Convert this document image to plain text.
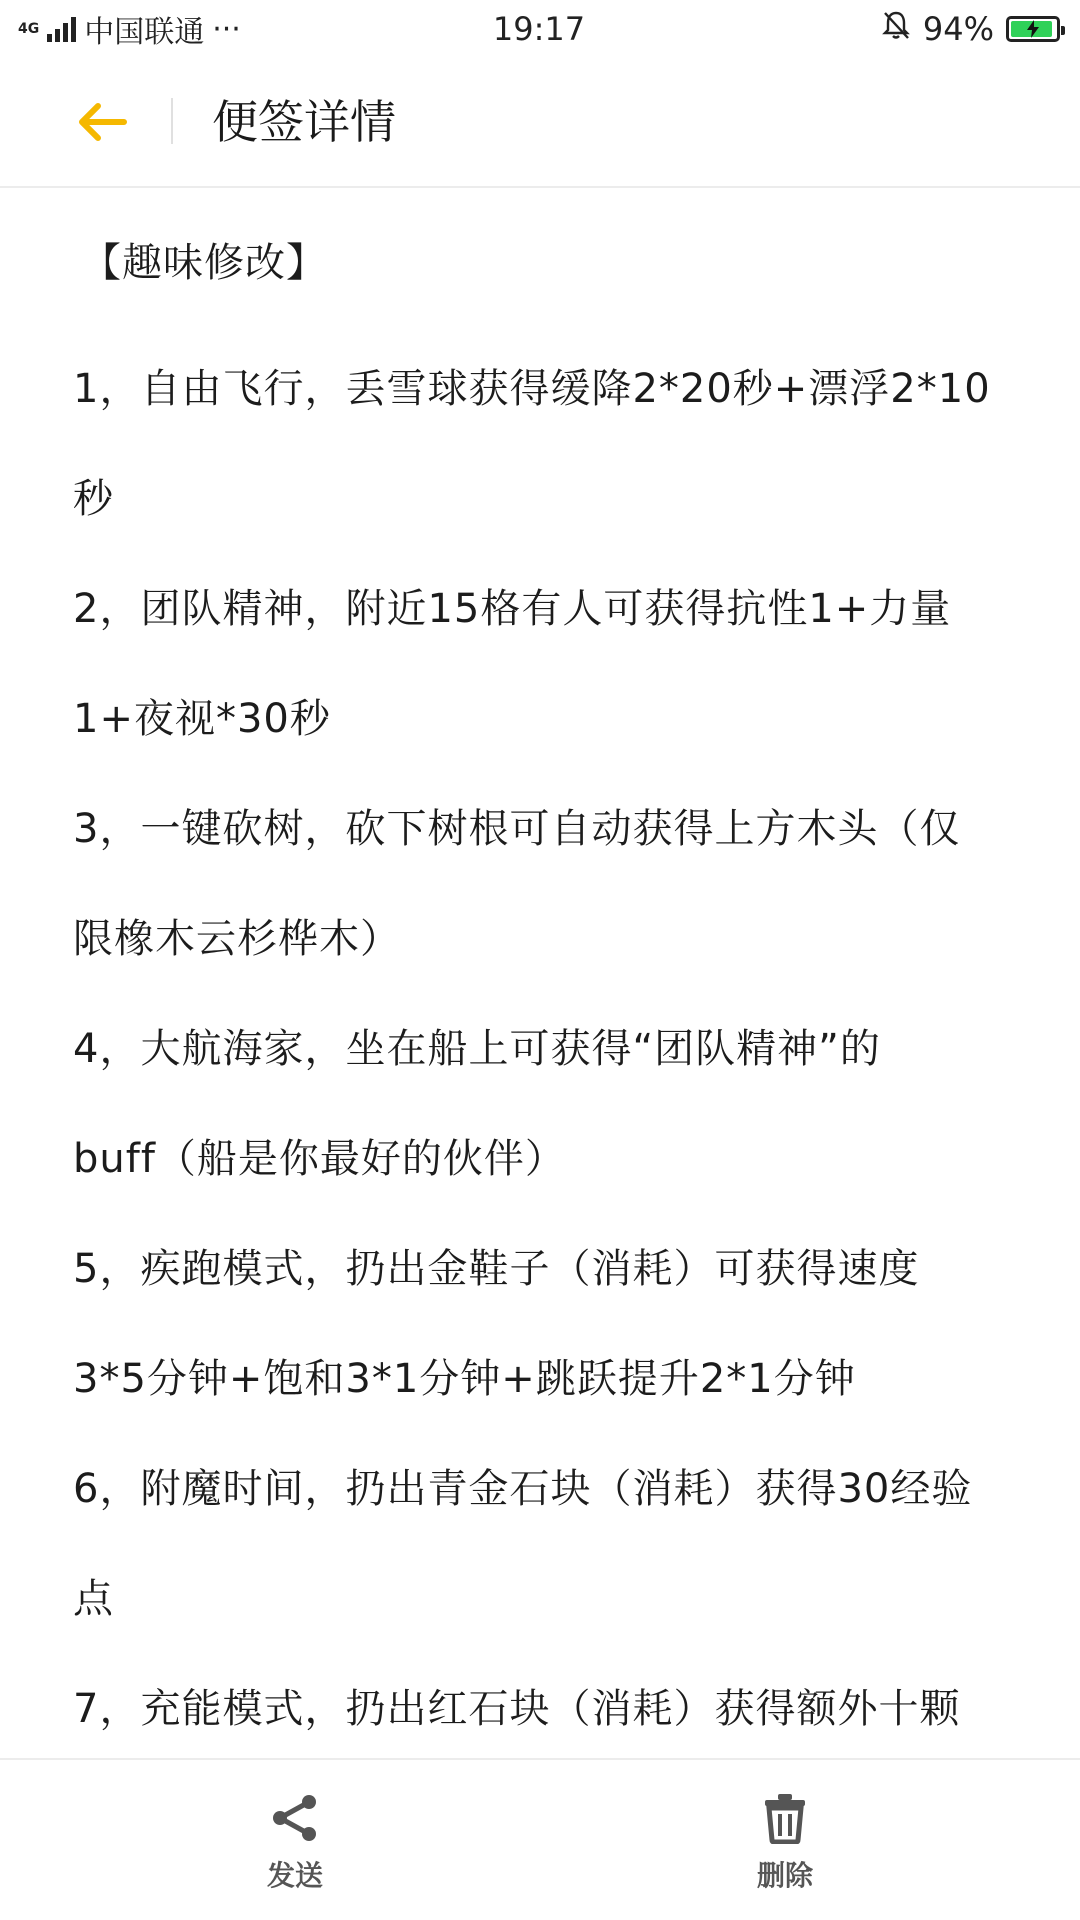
4G 中国联通 ···	19:17	94%
便签详情

【趣味修改】

1，自由飞行，丢雪球获得缓降2*20秒+漂浮2*10

秒

2，团队精神，附近15格有人可获得抗性1+力量

1+夜视*30秒

3，一键砍树，砍下树根可自动获得上方木头（仅

限橡木云杉桦木）

4，大航海家，坐在船上可获得“团队精神”的

buff（船是你最好的伙伴）

5，疾跑模式，扔出金鞋子（消耗）可获得速度

3*5分钟+饱和3*1分钟+跳跃提升2*1分钟

6，附魔时间，扔出青金石块（消耗）获得30经验

点

7，充能模式，扔出红石块（消耗）获得额外十颗

发送	删除
